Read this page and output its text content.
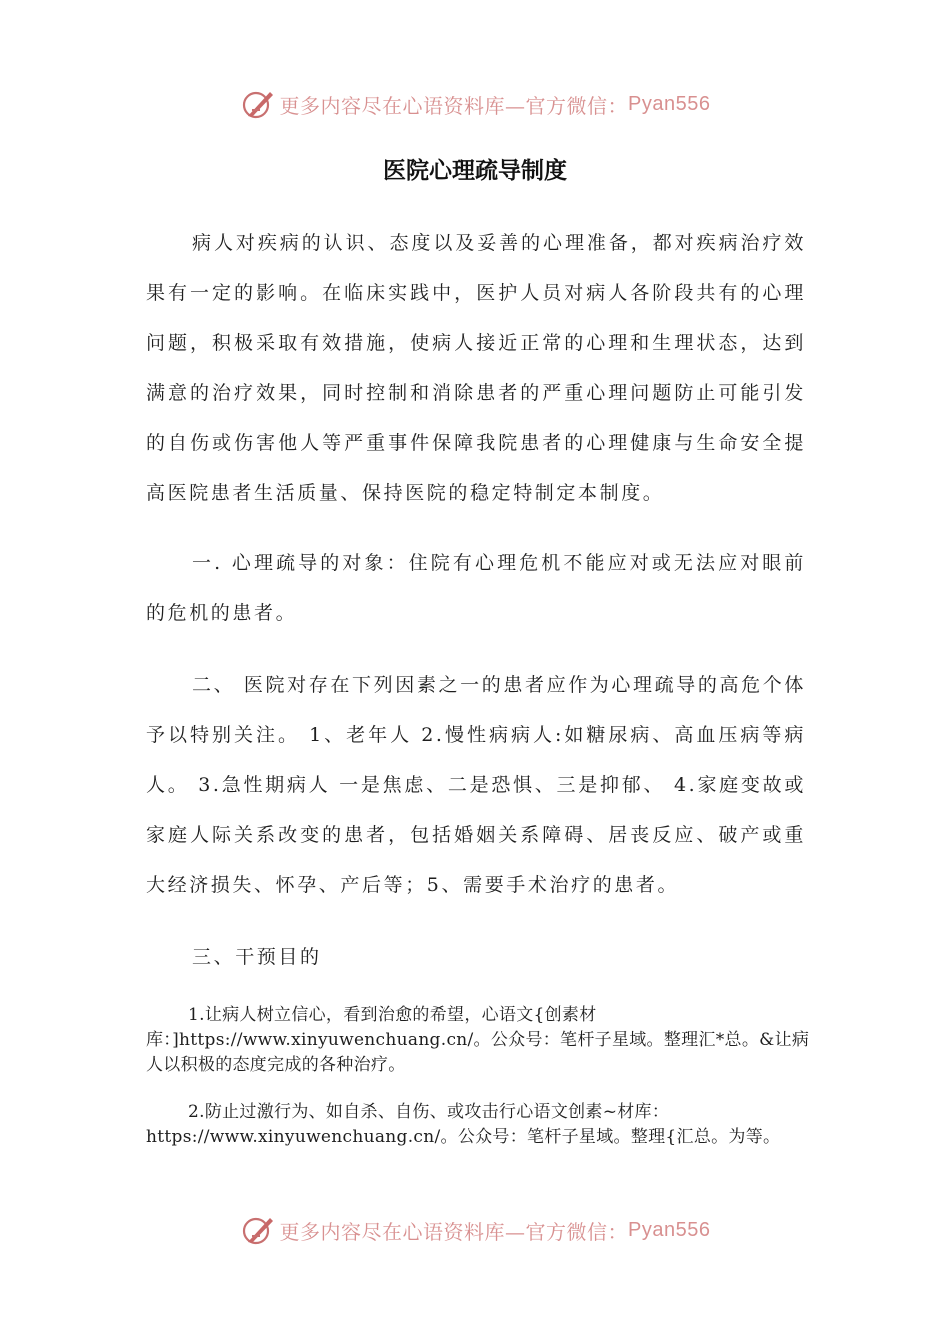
更多内容尽在心语资料库—官方微信： Pyan556
医院心理疏导制度

病人对疾病的认识、态度以及妥善的心理准备，都对疾病治疗效果有一定的影响。在临床实践中，医护人员对病人各阶段共有的心理问题，积极采取有效措施，使病人接近正常的心理和生理状态，达到满意的治疗效果，同时控制和消除患者的严重心理问题防止可能引发的自伤或伤害他人等严重事件保障我院患者的心理健康与生命安全提高医院患者生活质量、保持医院的稳定特制定本制度。

一. 心理疏导的对象：住院有心理危机不能应对或无法应对眼前的危机的患者。

二、 医院对存在下列因素之一的患者应作为心理疏导的高危个体予以特别关注。 1、老年人 2.慢性病病人:如糖尿病、高血压病等病人。 3.急性期病人 一是焦虑、二是恐惧、三是抑郁、 4.家庭变故或家庭人际关系改变的患者，包括婚姻关系障碍、居丧反应、破产或重大经济损失、怀孕、产后等；5、需要手术治疗的患者。

三、干预目的

1.让病人树立信心，看到治愈的希望，心语文{创素材库：]https://www.xinyuwenchuang.cn/。公众号：笔杆子星域。整理汇*总。&让病人以积极的态度完成的各种治疗。

2.防止过激行为、如自杀、自伤、或攻击行心语文创素~材库：https://www.xinyuwenchuang.cn/。公众号：笔杆子星域。整理{汇总。为等。

更多内容尽在心语资料库—官方微信： Pyan556
